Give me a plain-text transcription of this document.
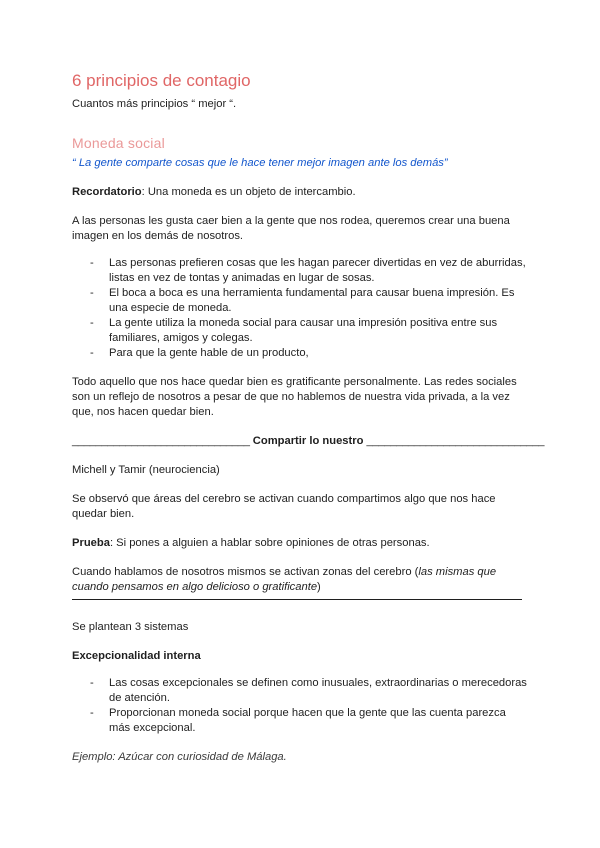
6 principios de contagio

Cuantos más principios “ mejor “.

Moneda social

“ La gente comparte cosas que le hace tener mejor imagen ante los demás”

Recordatorio: Una moneda es un objeto de intercambio.

A las personas les gusta caer bien a la gente que nos rodea, queremos crear una buena imagen en los demás de nosotros.

- Las personas prefieren cosas que les hagan parecer divertidas en vez de aburridas, listas en vez de tontas y animadas en lugar de sosas.
- El boca a boca es una herramienta fundamental para causar buena impresión. Es una especie de moneda.
- La gente utiliza la moneda social para causar una impresión positiva entre sus familiares, amigos y colegas.
- Para que la gente hable de un producto,

Todo aquello que nos hace quedar bien es gratificante personalmente. Las redes sociales son un reflejo de nosotros a pesar de que no hablemos de nuestra vida privada, a la vez que, nos hacen quedar bien.

______________________________ Compartir lo nuestro ______________________________

Michell y Tamir (neurociencia)

Se observó que áreas del cerebro se activan cuando compartimos algo que nos hace quedar bien.

Prueba: Si pones a alguien a hablar sobre opiniones de otras personas.

Cuando hablamos de nosotros mismos se activan zonas del cerebro (las mismas que cuando pensamos en algo delicioso o gratificante)

Se plantean 3 sistemas

Excepcionalidad interna

- Las cosas excepcionales se definen como inusuales, extraordinarias o merecedoras de atención.
- Proporcionan moneda social porque hacen que la gente que las cuenta parezca más excepcional.

Ejemplo: Azúcar con curiosidad de Málaga.
